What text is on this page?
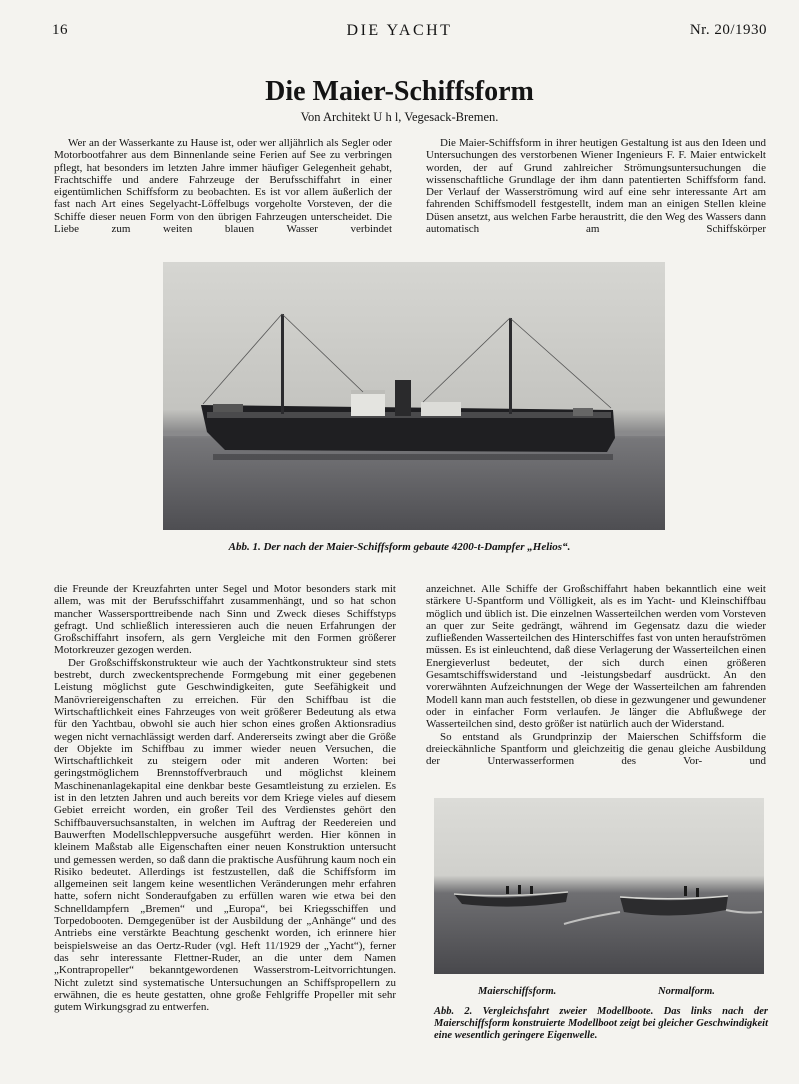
16	DIE YACHT	Nr. 20/1930
Die Maier-Schiffsform
Von Architekt U h l, Vegesack-Bremen.

Wer an der Wasserkante zu Hause ist, oder wer alljährlich als Segler oder Motorbootfahrer aus dem Binnenlande seine Ferien auf See zu verbringen pflegt, hat besonders im letzten Jahre immer häufiger Gelegenheit gehabt, Frachtschiffe und andere Fahrzeuge der Berufsschiffahrt in einer eigentümlichen Schiffsform zu beobachten. Es ist vor allem äußerlich der fast nach Art eines Segelyacht-Löffelbugs vorgeholte Vorsteven, der die Schiffe dieser neuen Form von den übrigen Fahrzeugen unterscheidet. Die Liebe zum weiten blauen Wasser verbindet

Die Maier-Schiffsform in ihrer heutigen Gestaltung ist aus den Ideen und Untersuchungen des verstorbenen Wiener Ingenieurs F. F. Maier entwickelt worden, der auf Grund zahlreicher Strömungsuntersuchungen die wissenschaftliche Grundlage der ihm dann patentierten Schiffsform fand. Der Verlauf der Wasserströmung wird auf eine sehr interessante Art am fahrenden Schiffsmodell festgestellt, indem man an einigen Stellen kleine Düsen ansetzt, aus welchen Farbe heraustritt, die den Weg des Wassers dann automatisch am Schiffskörper

Abb. 1. Der nach der Maier-Schiffsform gebaute 4200-t-Dampfer „Helios“.

die Freunde der Kreuzfahrten unter Segel und Motor besonders stark mit allem, was mit der Berufsschiffahrt zusammenhängt, und so hat schon mancher Wassersporttreibende nach Sinn und Zweck dieses Schiffstyps gefragt. Und schließlich interessieren auch die neuen Erfahrungen der Großschiffahrt insofern, als gern Vergleiche mit den Formen größerer Motorkreuzer gezogen werden.

Der Großschiffskonstrukteur wie auch der Yachtkonstrukteur sind stets bestrebt, durch zweckentsprechende Formgebung mit einer gegebenen Leistung möglichst gute Geschwindigkeiten, gute Seefähigkeit und Manövriereigenschaften zu erreichen. Für den Schiffbau ist die Wirtschaftlichkeit eines Fahrzeuges von weit größerer Bedeutung als etwa für den Yachtbau, obwohl sie auch hier schon eines großen Aktionsradius wegen nicht vernachlässigt werden darf. Andererseits zwingt aber die Größe der Objekte im Schiffbau zu immer wieder neuen Versuchen, die Wirtschaftlichkeit zu steigern oder mit anderen Worten: bei geringstmöglichem Brennstoffverbrauch und möglichst kleinem Maschinenanlagekapital eine denkbar beste Gesamtleistung zu erzielen. Es ist in den letzten Jahren und auch bereits vor dem Kriege vieles auf diesem Gebiet erreicht worden, ein großer Teil des Verdienstes gehört den Schiffbauversuchsanstalten, in welchen im Auftrag der Reedereien und Bauwerften Modellschleppversuche ausgeführt werden. Hier können in kleinem Maßstab alle Eigenschaften einer neuen Konstruktion untersucht und gemessen werden, so daß dann die praktische Ausführung kaum noch ein Risiko bedeutet. Allerdings ist festzustellen, daß die Schiffsform im allgemeinen seit langem keine wesentlichen Veränderungen mehr erfahren hatte, sofern nicht Sonderaufgaben zu erfüllen waren wie etwa bei den Schnelldampfern „Bremen“ und „Europa“, bei Kriegsschiffen und Torpedobooten. Demgegenüber ist der Ausbildung der „Anhänge“ und des Antriebs eine verstärkte Beachtung geschenkt worden, ich erinnere hier beispielsweise an das Oertz-Ruder (vgl. Heft 11/1929 der „Yacht“), ferner das sehr interessante Flettner-Ruder, an die unter dem Namen „Kontrapropeller“ bekanntgewordenen Wasserstrom-Leitvorrichtungen. Nicht zuletzt sind systematische Untersuchungen an Schiffspropellern zu erwähnen, die es heute gestatten, ohne große Fehlgriffe Propeller mit sehr gutem Wirkungsgrad zu entwerfen.

anzeichnet. Alle Schiffe der Großschiffahrt haben bekanntlich eine weit stärkere U-Spantform und Völligkeit, als es im Yacht- und Kleinschiffbau möglich und üblich ist. Die einzelnen Wasserteilchen werden vom Vorsteven an quer zur Seite gedrängt, während im Gegensatz dazu die wieder zufließenden Wasserteilchen des Hinterschiffes fast von unten heraufströmen müssen. Es ist einleuchtend, daß diese Verlagerung der Wasserteilchen einen Energieverlust bedeutet, der sich durch einen größeren Gesamtschiffswiderstand und -leistungsbedarf ausdrückt. An den vorerwähnten Aufzeichnungen der Wege der Wasserteilchen am fahrenden Modell kann man auch feststellen, ob diese in gezwungener und gewundener oder in einfacher Form verlaufen. Je länger die Abflußwege der Wasserteilchen sind, desto größer ist natürlich auch der Widerstand.

So entstand als Grundprinzip der Maierschen Schiffsform die dreieckähnliche Spantform und gleichzeitig die genau gleiche Ausbildung der Unterwasserformen des Vor- und

Maierschiffsform.	Normalform.
Abb. 2. Vergleichsfahrt zweier Modellboote. Das links nach der Maierschiffsform konstruierte Modellboot zeigt bei gleicher Geschwindigkeit eine wesentlich geringere Eigenwelle.
